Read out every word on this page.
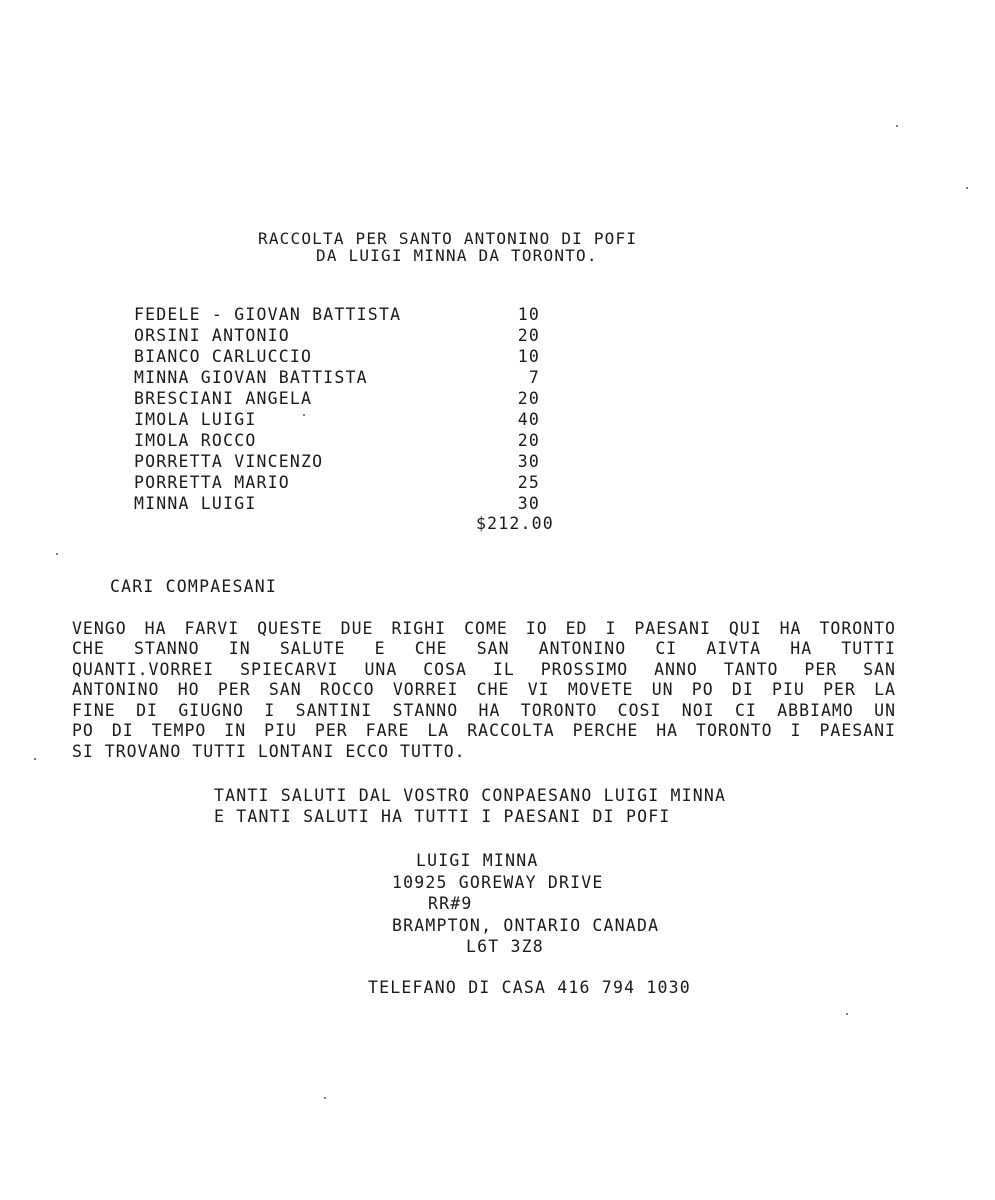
RACCOLTA PER SANTO ANTONINO DI POFI
DA LUIGI MINNA DA TORONTO.
FEDELE - GIOVAN BATTISTA	10
ORSINI ANTONIO	20
BIANCO CARLUCCIO	10
MINNA GIOVAN BATTISTA	7
BRESCIANI ANGELA	20
IMOLA LUIGI	40
IMOLA ROCCO	20
PORRETTA VINCENZO	30
PORRETTA MARIO	25
MINNA LUIGI	30
$212.00
CARI COMPAESANI
VENGO HA FARVI QUESTE DUE RIGHI COME IO ED I PAESANI QUI HA TORONTO
CHE STANNO IN SALUTE E CHE SAN ANTONINO CI AIVTA HA TUTTI
QUANTI.VORREI SPIECARVI UNA COSA IL PROSSIMO ANNO TANTO PER SAN
ANTONINO HO PER SAN ROCCO VORREI CHE VI MOVETE UN PO DI PIU PER LA
FINE DI GIUGNO I SANTINI STANNO HA TORONTO COSI NOI CI ABBIAMO UN
PO DI TEMPO IN PIU PER FARE LA RACCOLTA PERCHE HA TORONTO I PAESANI
SI TROVANO TUTTI LONTANI ECCO TUTTO.
TANTI SALUTI DAL VOSTRO CONPAESANO LUIGI MINNA
E TANTI SALUTI HA TUTTI I PAESANI DI POFI
LUIGI MINNA
10925 GOREWAY DRIVE
RR#9
BRAMPTON, ONTARIO CANADA
L6T 3Z8
TELEFANO DI CASA 416 794 1030
